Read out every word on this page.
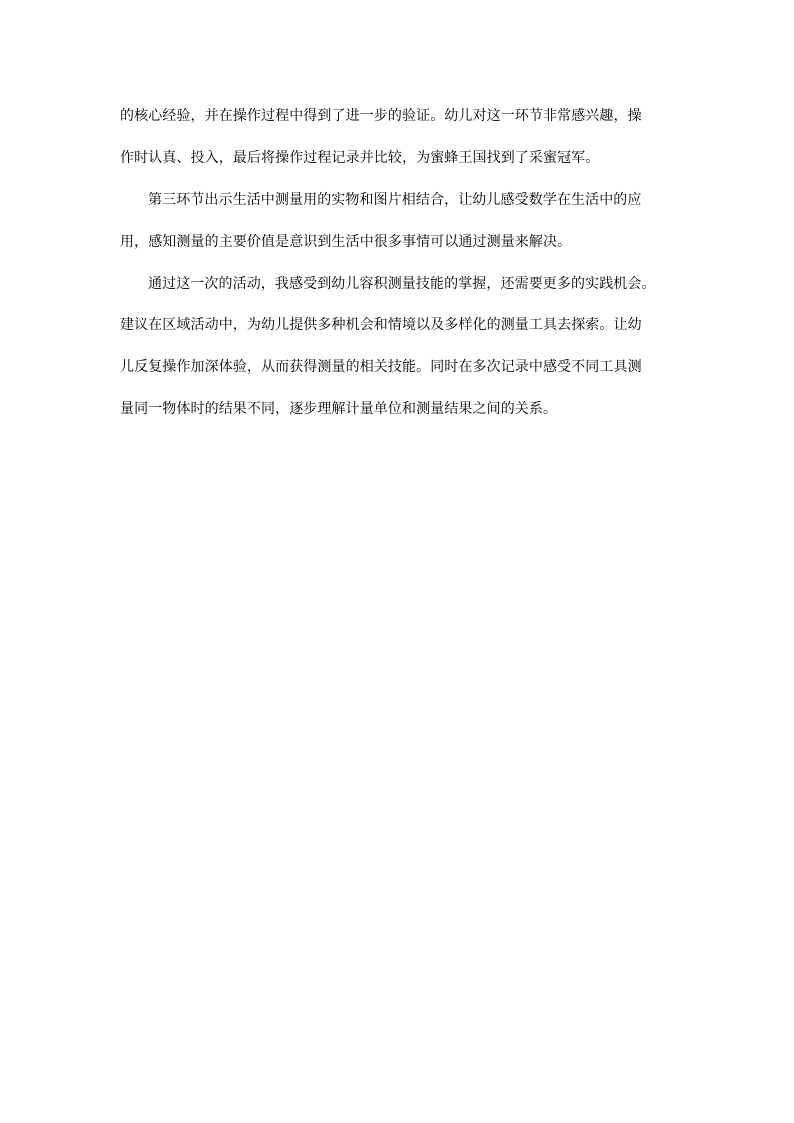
的核心经验，并在操作过程中得到了进一步的验证。幼儿对这一环节非常感兴趣，操
作时认真、投入，最后将操作过程记录并比较，为蜜蜂王国找到了采蜜冠军。
第三环节出示生活中测量用的实物和图片相结合，让幼儿感受数学在生活中的应
用，感知测量的主要价值是意识到生活中很多事情可以通过测量来解决。
通过这一次的活动，我感受到幼儿容积测量技能的掌握，还需要更多的实践机会。
建议在区域活动中，为幼儿提供多种机会和情境以及多样化的测量工具去探索。让幼
儿反复操作加深体验，从而获得测量的相关技能。同时在多次记录中感受不同工具测
量同一物体时的结果不同，逐步理解计量单位和测量结果之间的关系。
